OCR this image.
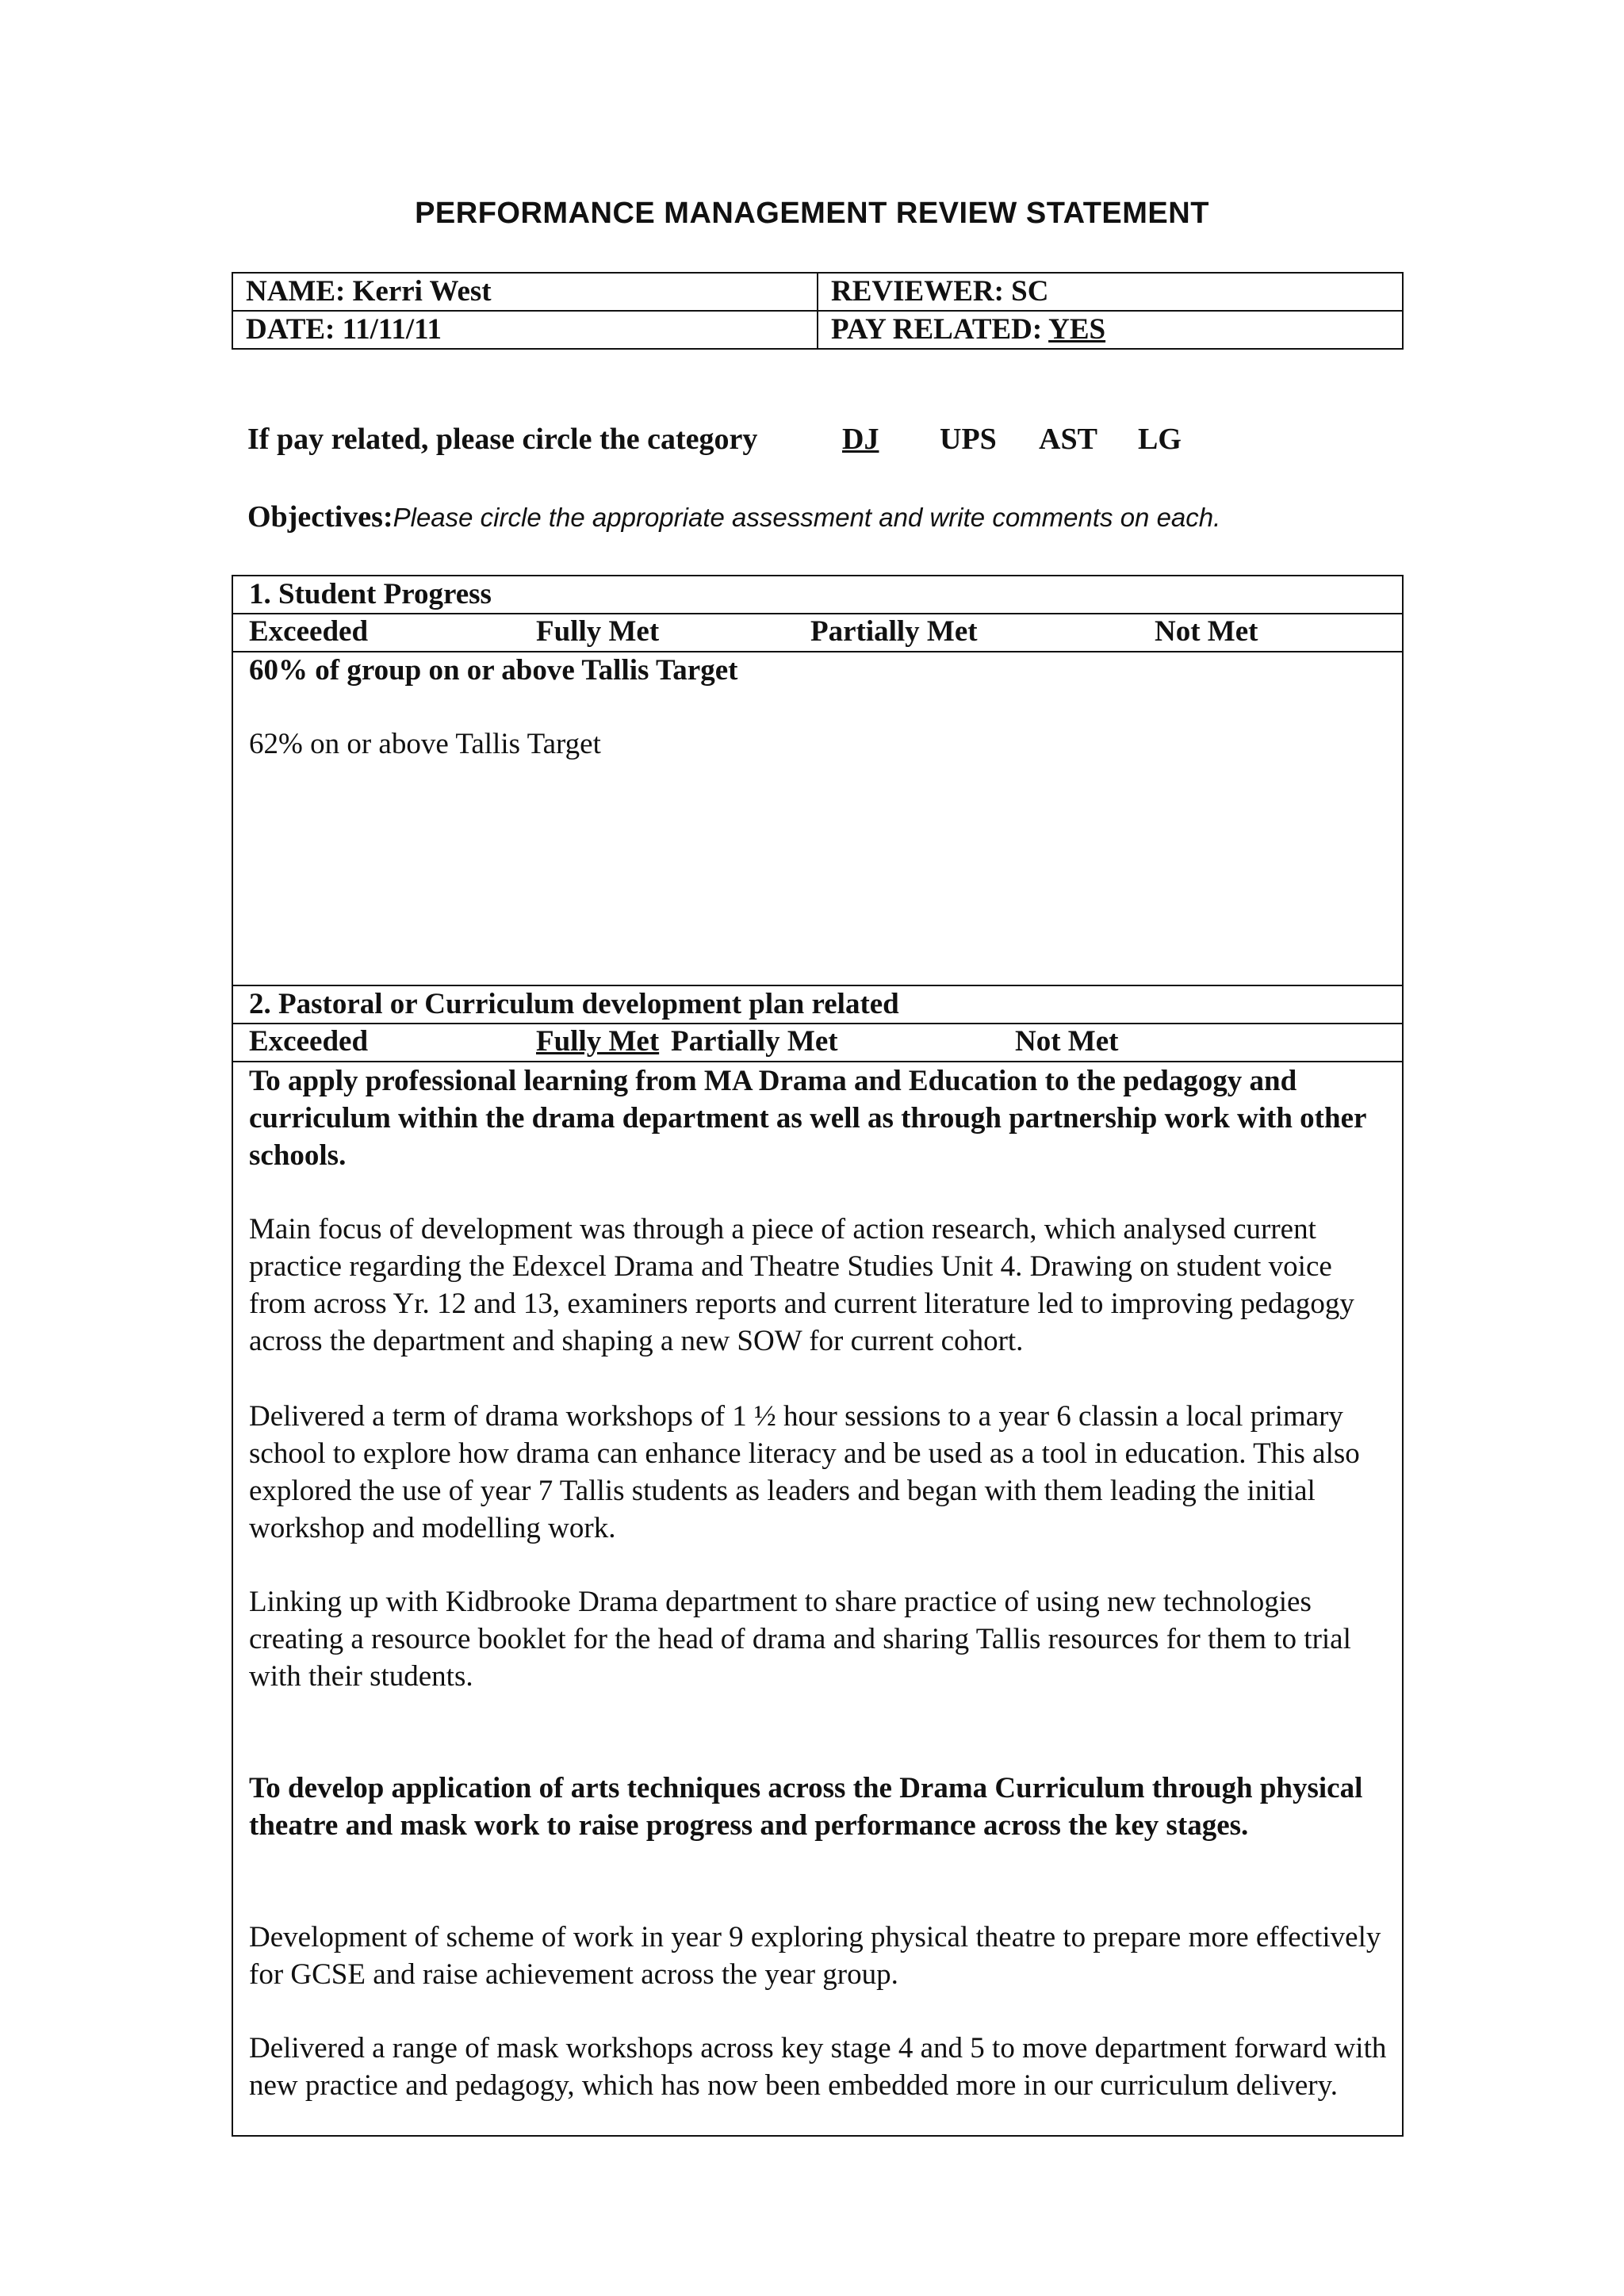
PERFORMANCE MANAGEMENT REVIEW STATEMENT
NAME: Kerri West	REVIEWER: SC
DATE: 11/11/11	PAY RELATED: YES
If pay related, please circle the category	DJ UPS AST LG
Objectives:Please circle the appropriate assessment and write comments on each.
1. Student Progress
Exceeded	Fully Met	Partially Met	Not Met
60% of group on or above Tallis Target
62% on or above Tallis Target
2. Pastoral or Curriculum development plan related
Exceeded	Fully Met Partially Met	Not Met
To apply professional learning from MA Drama and Education to the pedagogy and curriculum within the drama department as well as through partnership work with other schools.
Main focus of development was through a piece of action research, which analysed current practice regarding the Edexcel Drama and Theatre Studies Unit 4. Drawing on student voice from across Yr. 12 and 13, examiners reports and current literature led to improving pedagogy across the department and shaping a new SOW for current cohort.
Delivered a term of drama workshops of 1 ½ hour sessions to a year 6 classin a local primary school to explore how drama can enhance literacy and be used as a tool in education. This also explored the use of year 7 Tallis students as leaders and began with them leading the initial workshop and modelling work.
Linking up with Kidbrooke Drama department to share practice of using new technologies creating a resource booklet for the head of drama and sharing Tallis resources for them to trial with their students.
To develop application of arts techniques across the Drama Curriculum through physical theatre and mask work to raise progress and performance across the key stages.
Development of scheme of work in year 9 exploring physical theatre to prepare more effectively for GCSE and raise achievement across the year group.
Delivered a range of mask workshops across key stage 4 and 5 to move department forward with new practice and pedagogy, which has now been embedded more in our curriculum delivery.
